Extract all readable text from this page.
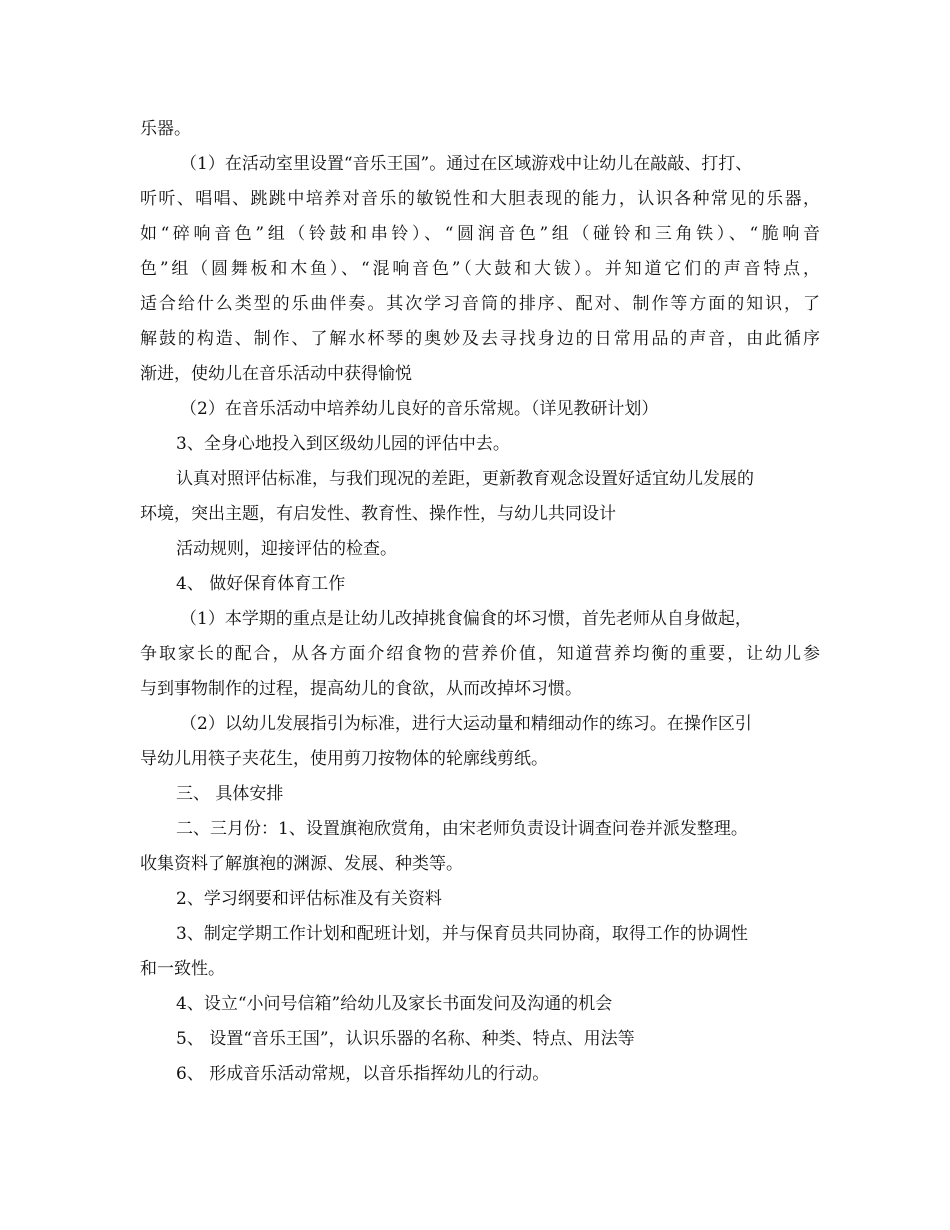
乐器。
（1）在活动室里设置“音乐王国”。通过在区域游戏中让幼儿在敲敲、打打、
听听、唱唱、跳跳中培养对音乐的敏锐性和大胆表现的能力，认识各种常见的乐器，
如“碎响音色”组（铃鼓和串铃）、“圆润音色”组（碰铃和三角铁）、“脆响音
色”组（圆舞板和木鱼）、“混响音色”（大鼓和大钹）。并知道它们的声音特点，
适合给什么类型的乐曲伴奏。其次学习音筒的排序、配对、制作等方面的知识，了
解鼓的构造、制作、了解水杯琴的奥妙及去寻找身边的日常用品的声音，由此循序
渐进，使幼儿在音乐活动中获得愉悦
（2）在音乐活动中培养幼儿良好的音乐常规。（详见教研计划）
3、全身心地投入到区级幼儿园的评估中去。
认真对照评估标准，与我们现况的差距，更新教育观念设置好适宜幼儿发展的
环境，突出主题，有启发性、教育性、操作性，与幼儿共同设计
活动规则，迎接评估的检查。
4、 做好保育体育工作
（1）本学期的重点是让幼儿改掉挑食偏食的坏习惯，首先老师从自身做起，
争取家长的配合，从各方面介绍食物的营养价值，知道营养均衡的重要，让幼儿参
与到事物制作的过程，提高幼儿的食欲，从而改掉坏习惯。
（2）以幼儿发展指引为标准，进行大运动量和精细动作的练习。在操作区引
导幼儿用筷子夹花生，使用剪刀按物体的轮廓线剪纸。
三、 具体安排
二、三月份：1、设置旗袍欣赏角，由宋老师负责设计调查问卷并派发整理。
收集资料了解旗袍的渊源、发展、种类等。
2、学习纲要和评估标准及有关资料
3、制定学期工作计划和配班计划，并与保育员共同协商，取得工作的协调性
和一致性。
4、设立“小问号信箱”给幼儿及家长书面发问及沟通的机会
5、 设置“音乐王国”，认识乐器的名称、种类、特点、用法等
6、 形成音乐活动常规，以音乐指挥幼儿的行动。
